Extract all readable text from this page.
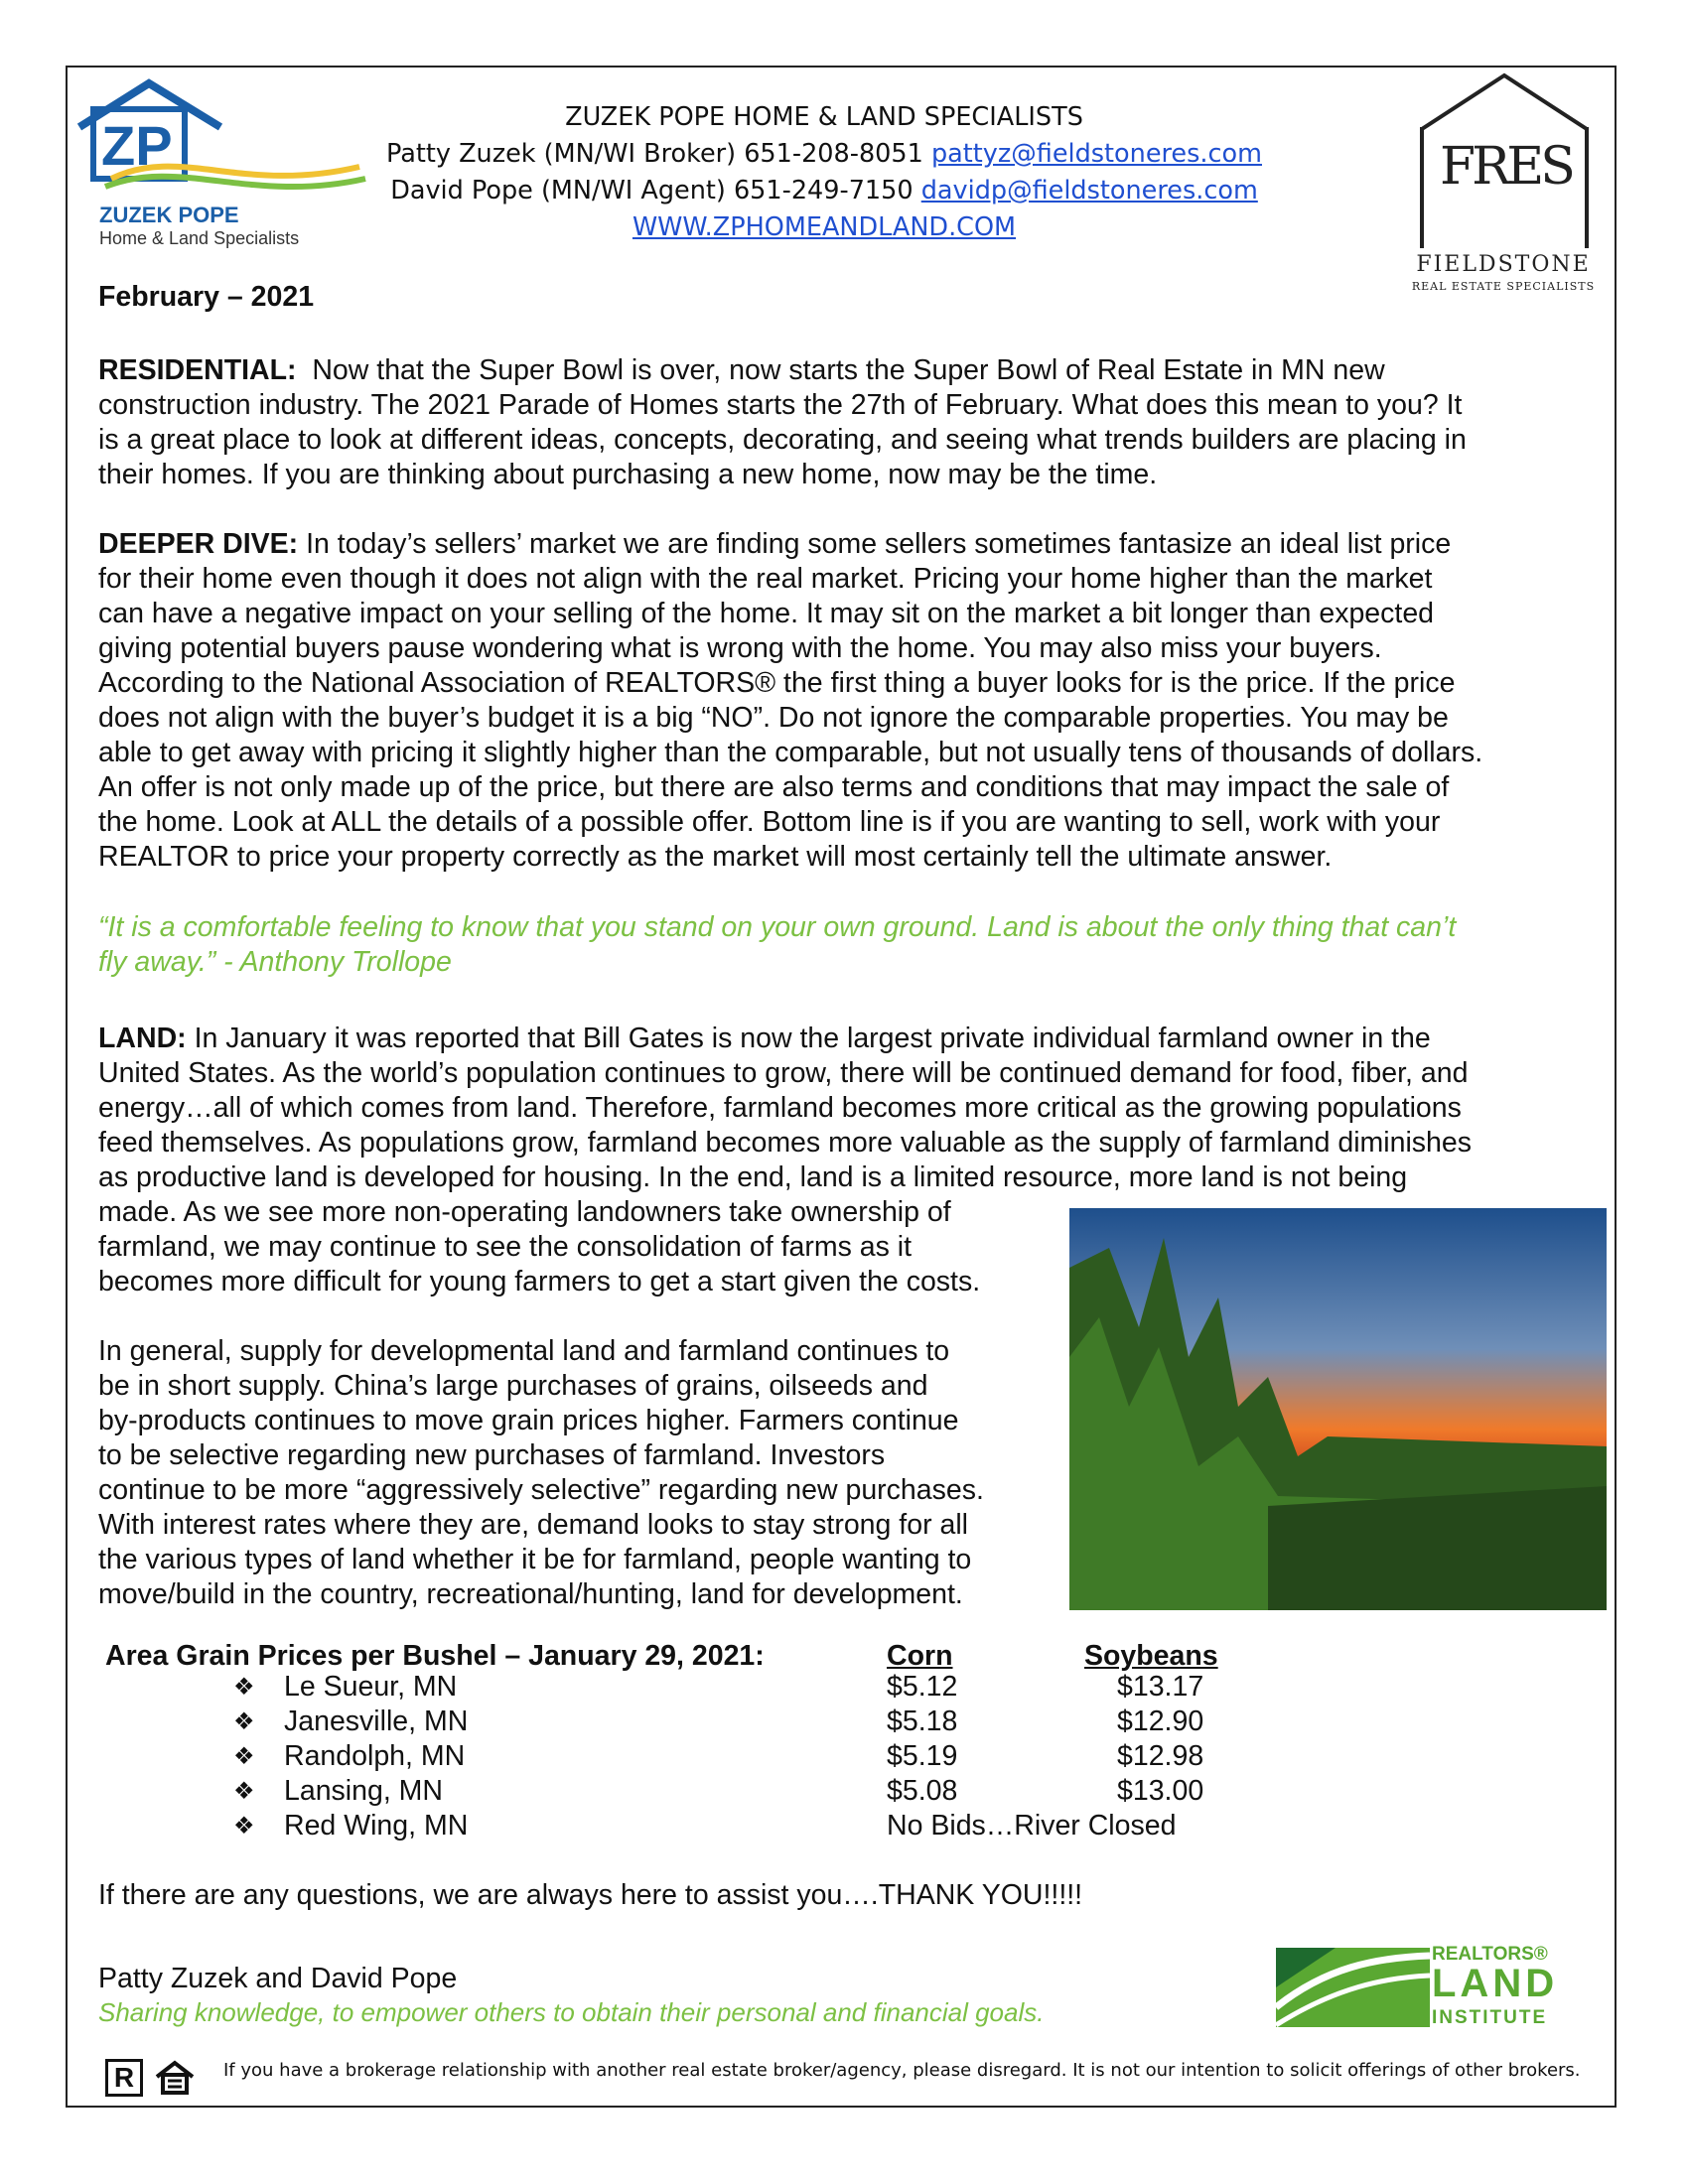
ZP
ZUZEK POPE
Home & Land Specialists
ZUZEK POPE HOME & LAND SPECIALISTS
Patty Zuzek (MN/WI Broker) 651-208-8051 pattyz@fieldstoneres.com
David Pope (MN/WI Agent) 651-249-7150 davidp@fieldstoneres.com
WWW.ZPHOMEANDLAND.COM
FRES
FIELDSTONE
REAL ESTATE SPECIALISTS
February – 2021
RESIDENTIAL: Now that the Super Bowl is over, now starts the Super Bowl of Real Estate in MN new
construction industry. The 2021 Parade of Homes starts the 27th of February. What does this mean to you? It
is a great place to look at different ideas, concepts, decorating, and seeing what trends builders are placing in
their homes. If you are thinking about purchasing a new home, now may be the time.
DEEPER DIVE: In today’s sellers’ market we are finding some sellers sometimes fantasize an ideal list price
for their home even though it does not align with the real market. Pricing your home higher than the market
can have a negative impact on your selling of the home. It may sit on the market a bit longer than expected
giving potential buyers pause wondering what is wrong with the home. You may also miss your buyers.
According to the National Association of REALTORS® the first thing a buyer looks for is the price. If the price
does not align with the buyer’s budget it is a big “NO”. Do not ignore the comparable properties. You may be
able to get away with pricing it slightly higher than the comparable, but not usually tens of thousands of dollars.
An offer is not only made up of the price, but there are also terms and conditions that may impact the sale of
the home. Look at ALL the details of a possible offer. Bottom line is if you are wanting to sell, work with your
REALTOR to price your property correctly as the market will most certainly tell the ultimate answer.
“It is a comfortable feeling to know that you stand on your own ground. Land is about the only thing that can’t
fly away.” - Anthony Trollope
LAND: In January it was reported that Bill Gates is now the largest private individual farmland owner in the
United States. As the world’s population continues to grow, there will be continued demand for food, fiber, and
energy…all of which comes from land. Therefore, farmland becomes more critical as the growing populations
feed themselves. As populations grow, farmland becomes more valuable as the supply of farmland diminishes
as productive land is developed for housing. In the end, land is a limited resource, more land is not being
made. As we see more non-operating landowners take ownership of
farmland, we may continue to see the consolidation of farms as it
becomes more difficult for young farmers to get a start given the costs.
In general, supply for developmental land and farmland continues to
be in short supply. China’s large purchases of grains, oilseeds and
by-products continues to move grain prices higher. Farmers continue
to be selective regarding new purchases of farmland. Investors
continue to be more “aggressively selective” regarding new purchases.
With interest rates where they are, demand looks to stay strong for all
the various types of land whether it be for farmland, people wanting to
move/build in the country, recreational/hunting, land for development.
Area Grain Prices per Bushel – January 29, 2021:	Corn	Soybeans
❖ Le Sueur, MN	$5.12	$13.17
❖ Janesville, MN	$5.18	$12.90
❖ Randolph, MN	$5.19	$12.98
❖ Lansing, MN	$5.08	$13.00
❖ Red Wing, MN	No Bids…River Closed
If there are any questions, we are always here to assist you….THANK YOU!!!!!
Patty Zuzek and David Pope
Sharing knowledge, to empower others to obtain their personal and financial goals.
REALTORS®
LAND
INSTITUTE
R	If you have a brokerage relationship with another real estate broker/agency, please disregard. It is not our intention to solicit offerings of other brokers.
